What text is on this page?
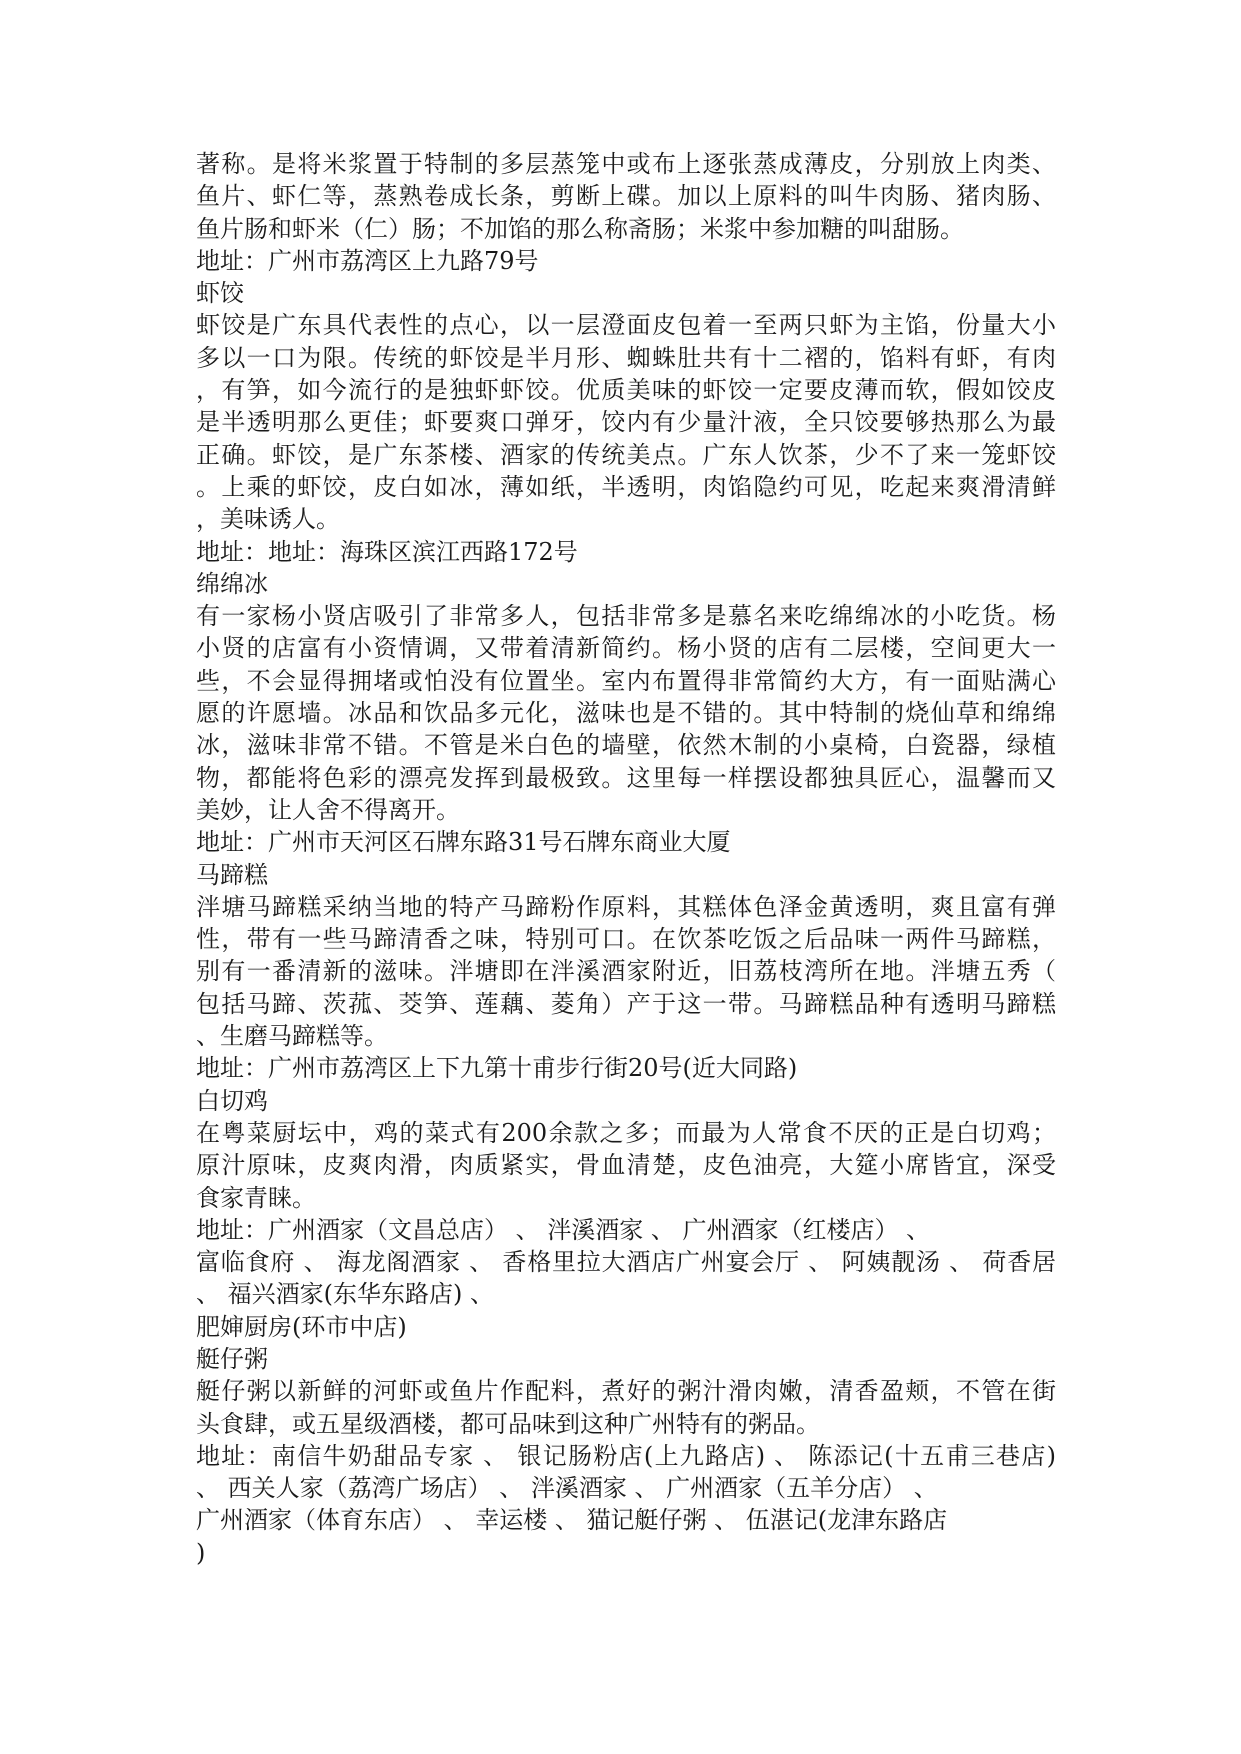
著称。是将米浆置于特制的多层蒸笼中或布上逐张蒸成薄皮，分别放上肉类、
鱼片、虾仁等，蒸熟卷成长条，剪断上碟。加以上原料的叫牛肉肠、猪肉肠、
鱼片肠和虾米（仁）肠；不加馅的那么称斋肠；米浆中参加糖的叫甜肠。
地址：广州市荔湾区上九路79号
虾饺
虾饺是广东具代表性的点心，以一层澄面皮包着一至两只虾为主馅，份量大小
多以一口为限。传统的虾饺是半月形、蜘蛛肚共有十二褶的，馅料有虾，有肉
，有笋，如今流行的是独虾虾饺。优质美味的虾饺一定要皮薄而软，假如饺皮
是半透明那么更佳；虾要爽口弹牙，饺内有少量汁液，全只饺要够热那么为最
正确。虾饺，是广东茶楼、酒家的传统美点。广东人饮茶，少不了来一笼虾饺
。上乘的虾饺，皮白如冰，薄如纸，半透明，肉馅隐约可见，吃起来爽滑清鲜
，美味诱人。
地址：地址：海珠区滨江西路172号
绵绵冰
有一家杨小贤店吸引了非常多人，包括非常多是慕名来吃绵绵冰的小吃货。杨
小贤的店富有小资情调，又带着清新简约。杨小贤的店有二层楼，空间更大一
些，不会显得拥堵或怕没有位置坐。室内布置得非常简约大方，有一面贴满心
愿的许愿墙。冰品和饮品多元化，滋味也是不错的。其中特制的烧仙草和绵绵
冰，滋味非常不错。不管是米白色的墙壁，依然木制的小桌椅，白瓷器，绿植
物，都能将色彩的漂亮发挥到最极致。这里每一样摆设都独具匠心，温馨而又
美妙，让人舍不得离开。
地址：广州市天河区石牌东路31号石牌东商业大厦
马蹄糕
泮塘马蹄糕采纳当地的特产马蹄粉作原料，其糕体色泽金黄透明，爽且富有弹
性，带有一些马蹄清香之味，特别可口。在饮茶吃饭之后品味一两件马蹄糕，
别有一番清新的滋味。泮塘即在泮溪酒家附近，旧荔枝湾所在地。泮塘五秀（
包括马蹄、茨菰、茭笋、莲藕、菱角）产于这一带。马蹄糕品种有透明马蹄糕
、生磨马蹄糕等。
地址：广州市荔湾区上下九第十甫步行街20号(近大同路)
白切鸡
在粤菜厨坛中，鸡的菜式有200余款之多；而最为人常食不厌的正是白切鸡；
原汁原味，皮爽肉滑，肉质紧实，骨血清楚，皮色油亮，大筵小席皆宜，深受
食家青睐。
地址：广州酒家（文昌总店） 、 泮溪酒家 、 广州酒家（红楼店） 、
富临食府 、 海龙阁酒家 、 香格里拉大酒店广州宴会厅 、 阿姨靓汤 、 荷香居
、 福兴酒家(东华东路店) 、
肥婶厨房(环市中店)
艇仔粥
艇仔粥以新鲜的河虾或鱼片作配料，煮好的粥汁滑肉嫩，清香盈颊，不管在街
头食肆，或五星级酒楼，都可品味到这种广州特有的粥品。
地址：南信牛奶甜品专家 、 银记肠粉店(上九路店) 、 陈添记(十五甫三巷店)
、 西关人家（荔湾广场店） 、 泮溪酒家 、 广州酒家（五羊分店） 、
广州酒家（体育东店） 、 幸运楼 、 猫记艇仔粥 、 伍湛记(龙津东路店
)
